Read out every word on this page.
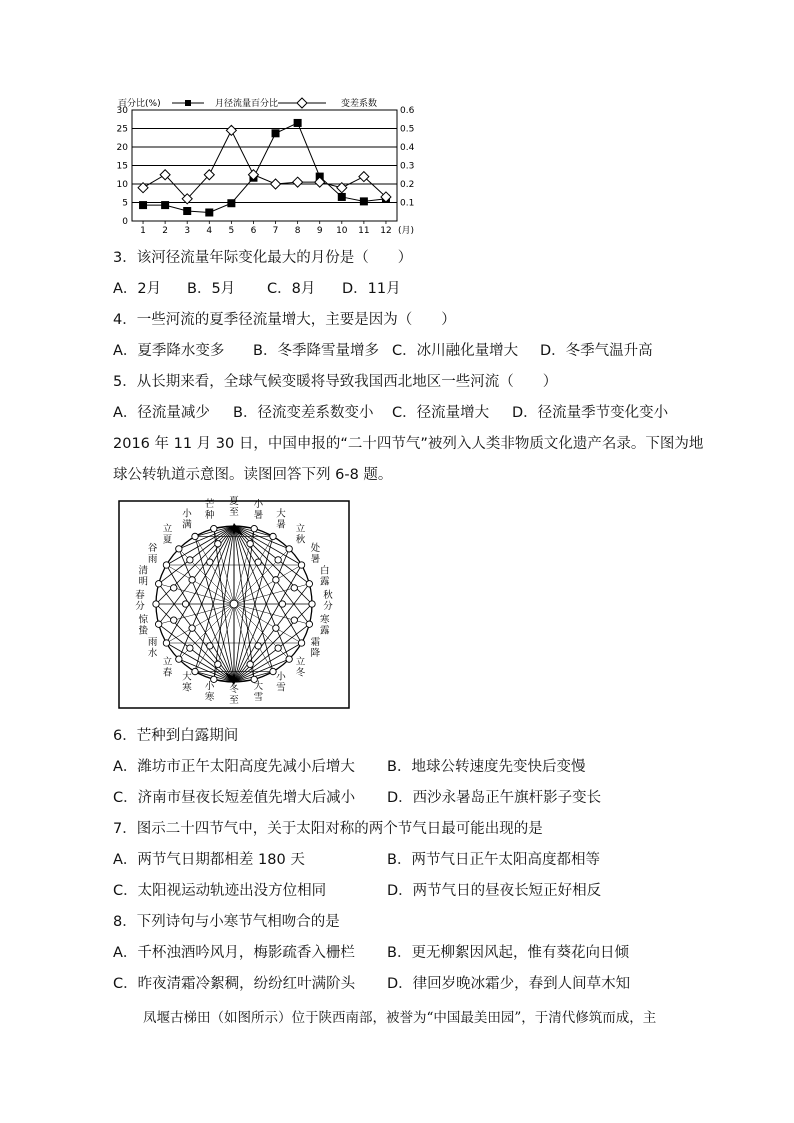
百分比(%)	变差系数
月径流量百分比
0
5
10
15
20
25
30
0.1
0.2
0.3
0.4
0.5
0.6
1 2 3 4 5 6 7 8 9 10 11 12 (月)
3．该河径流量年际变化最大的月份是（　　）
A．2月 B．5月 C．8月 D．11月
4．一些河流的夏季径流量增大，主要是因为（　　）
A．夏季降水变多 B．冬季降雪量增多 C．冰川融化量增大 D．冬季气温升高
5．从长期来看，全球气候变暖将导致我国西北地区一些河流（　　）
A．径流量减少 B．径流变差系数变小 C．径流量增大 D．径流量季节变化变小
2016 年 11 月 30 日，中国申报的“二十四节气”被列入人类非物质文化遗产名录。下图为地
球公转轨道示意图。读图回答下列 6-8 题。
夏至
小暑 大暑 立秋
处暑
白露
秋分
寒露
霜降
立冬
小雪
大雪
冬至
小寒
大寒
立春
雨水
惊蛰
春分
清明
谷雨
立夏
小满
芒种
6．芒种到白露期间
A．潍坊市正午太阳高度先减小后增大 B．地球公转速度先变快后变慢
C．济南市昼夜长短差值先增大后减小 D．西沙永暑岛正午旗杆影子变长
7．图示二十四节气中，关于太阳对称的两个节气日最可能出现的是
A．两节气日期都相差 180 天	B．两节气日正午太阳高度都相等
C．太阳视运动轨迹出没方位相同	D．两节气日的昼夜长短正好相反
8．下列诗句与小寒节气相吻合的是
A．千杯浊酒吟风月，梅影疏香入栅栏 B．更无柳絮因风起，惟有葵花向日倾
C．昨夜清霜冷絮稠，纷纷红叶满阶头 D．律回岁晚冰霜少，春到人间草木知
凤堰古梯田（如图所示）位于陕西南部，被誉为“中国最美田园”，于清代修筑而成，主
